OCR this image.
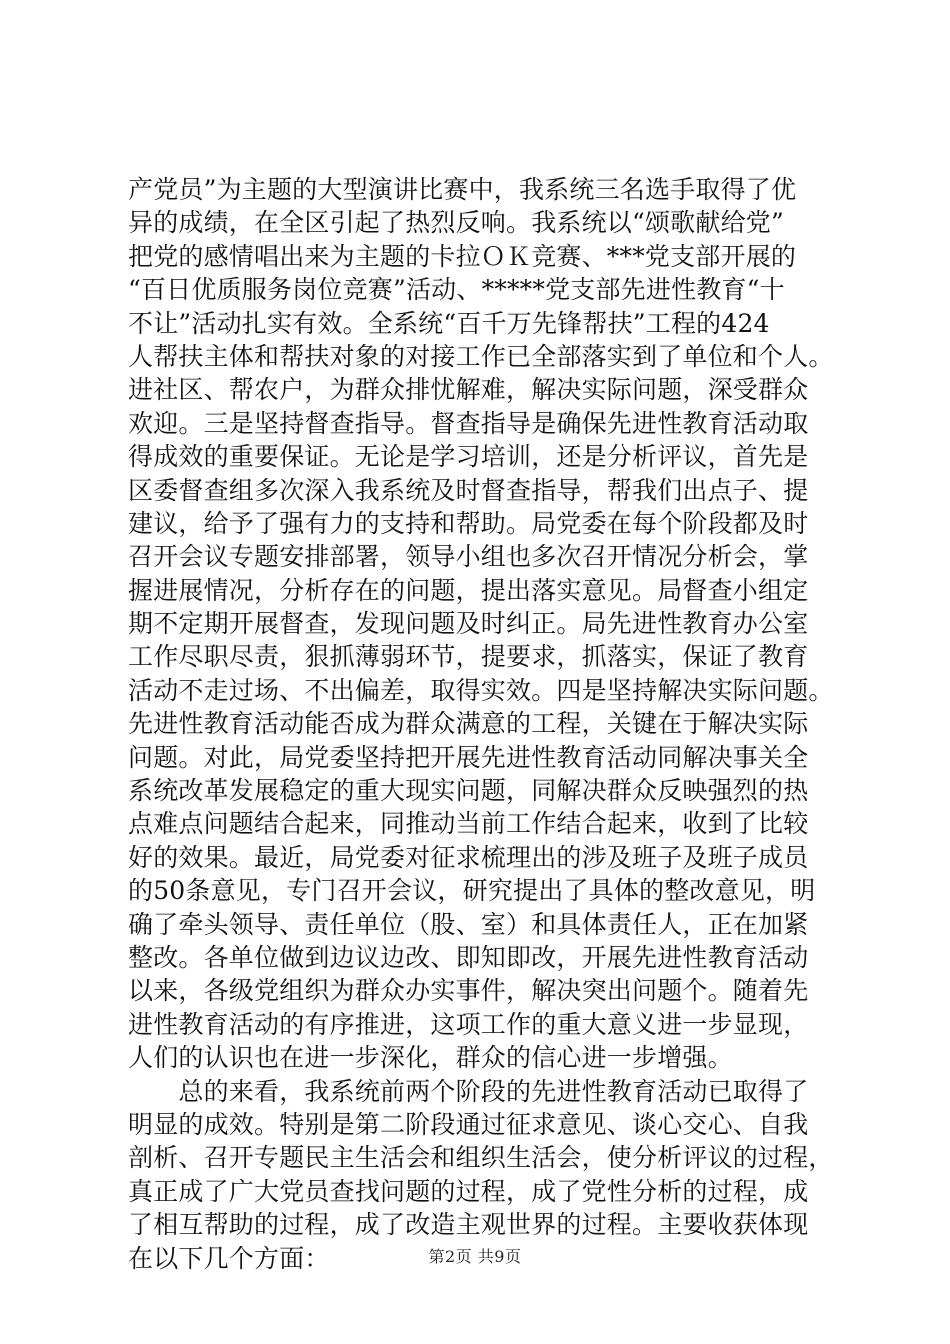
产党员”为主题的大型演讲比赛中，我系统三名选手取得了优
异的成绩，在全区引起了热烈反响。我系统以“颂歌献给党”
把党的感情唱出来为主题的卡拉ＯＫ竞赛、***党支部开展的
“百日优质服务岗位竞赛”活动、*****党支部先进性教育“十
不让”活动扎实有效。全系统“百千万先锋帮扶”工程的424
人帮扶主体和帮扶对象的对接工作已全部落实到了单位和个人。
进社区、帮农户，为群众排忧解难，解决实际问题，深受群众
欢迎。三是坚持督查指导。督查指导是确保先进性教育活动取
得成效的重要保证。无论是学习培训，还是分析评议，首先是
区委督查组多次深入我系统及时督查指导，帮我们出点子、提
建议，给予了强有力的支持和帮助。局党委在每个阶段都及时
召开会议专题安排部署，领导小组也多次召开情况分析会，掌
握进展情况，分析存在的问题，提出落实意见。局督查小组定
期不定期开展督查，发现问题及时纠正。局先进性教育办公室
工作尽职尽责，狠抓薄弱环节，提要求，抓落实，保证了教育
活动不走过场、不出偏差，取得实效。四是坚持解决实际问题。
先进性教育活动能否成为群众满意的工程，关键在于解决实际
问题。对此，局党委坚持把开展先进性教育活动同解决事关全
系统改革发展稳定的重大现实问题，同解决群众反映强烈的热
点难点问题结合起来，同推动当前工作结合起来，收到了比较
好的效果。最近，局党委对征求梳理出的涉及班子及班子成员
的50条意见，专门召开会议，研究提出了具体的整改意见，明
确了牵头领导、责任单位（股、室）和具体责任人，正在加紧
整改。各单位做到边议边改、即知即改，开展先进性教育活动
以来，各级党组织为群众办实事件，解决突出问题个。随着先
进性教育活动的有序推进，这项工作的重大意义进一步显现，
人们的认识也在进一步深化，群众的信心进一步增强。
　　总的来看，我系统前两个阶段的先进性教育活动已取得了
明显的成效。特别是第二阶段通过征求意见、谈心交心、自我
剖析、召开专题民主生活会和组织生活会，使分析评议的过程，
真正成了广大党员查找问题的过程，成了党性分析的过程，成
了相互帮助的过程，成了改造主观世界的过程。主要收获体现
在以下几个方面：	第2页 共9页
